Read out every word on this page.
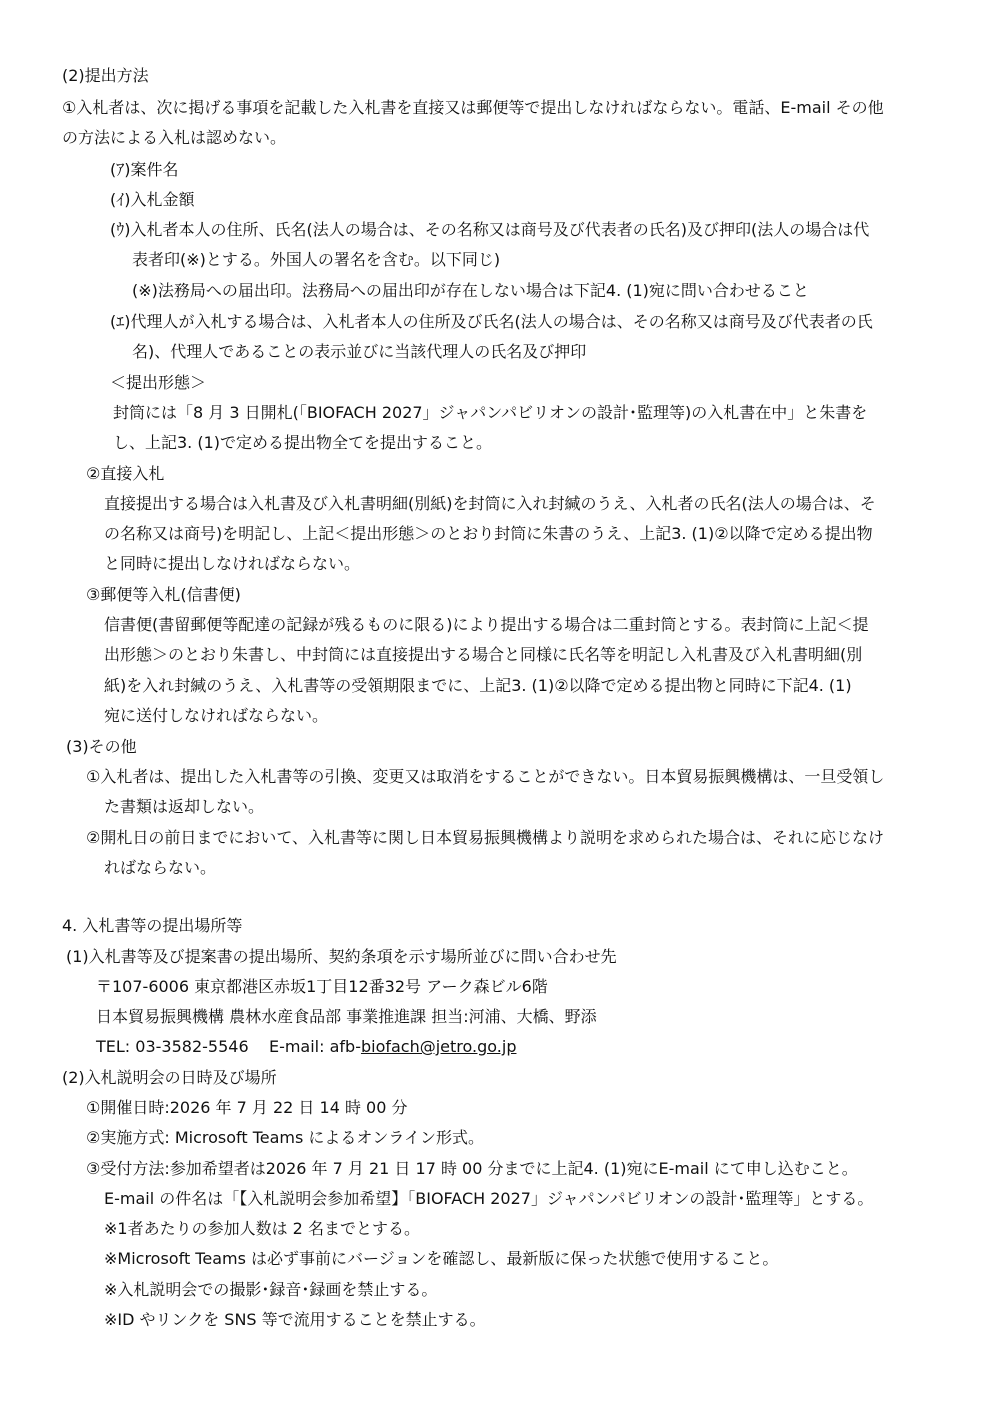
(2)提出方法
①入札者は、次に掲げる事項を記載した入札書を直接又は郵便等で提出しなければならない。電話、E-mail その他
の方法による入札は認めない。
(ｱ)案件名
(ｲ)入札金額
(ｳ)入札者本人の住所、氏名(法人の場合は、その名称又は商号及び代表者の氏名)及び押印(法人の場合は代
表者印(※)とする。外国人の署名を含む。以下同じ)
(※)法務局への届出印。法務局への届出印が存在しない場合は下記4. (1)宛に問い合わせること
(ｴ)代理人が入札する場合は、入札者本人の住所及び氏名(法人の場合は、その名称又は商号及び代表者の氏
名)、代理人であることの表示並びに当該代理人の氏名及び押印
＜提出形態＞
封筒には「8 月 3 日開札(「BIOFACH 2027」ジャパンパビリオンの設計･監理等)の入札書在中」と朱書を
し、上記3. (1)で定める提出物全てを提出すること。
②直接入札
直接提出する場合は入札書及び入札書明細(別紙)を封筒に入れ封緘のうえ、入札者の氏名(法人の場合は、そ
の名称又は商号)を明記し、上記＜提出形態＞のとおり封筒に朱書のうえ、上記3. (1)②以降で定める提出物
と同時に提出しなければならない。
③郵便等入札(信書便)
信書便(書留郵便等配達の記録が残るものに限る)により提出する場合は二重封筒とする。表封筒に上記＜提
出形態＞のとおり朱書し、中封筒には直接提出する場合と同様に氏名等を明記し入札書及び入札書明細(別
紙)を入れ封緘のうえ、入札書等の受領期限までに、上記3. (1)②以降で定める提出物と同時に下記4. (1)
宛に送付しなければならない。
(3)その他
①入札者は、提出した入札書等の引換、変更又は取消をすることができない。日本貿易振興機構は、一旦受領し
た書類は返却しない。
②開札日の前日までにおいて、入札書等に関し日本貿易振興機構より説明を求められた場合は、それに応じなけ
ればならない。
4. 入札書等の提出場所等
(1)入札書等及び提案書の提出場所、契約条項を示す場所並びに問い合わせ先
〒107-6006 東京都港区赤坂1丁目12番32号 アーク森ビル6階
日本貿易振興機構 農林水産食品部 事業推進課 担当:河浦、大橋、野添
TEL: 03-3582-5546    E-mail: afb-biofach@jetro.go.jp
(2)入札説明会の日時及び場所
①開催日時:2026 年 7 月 22 日 14 時 00 分
②実施方式: Microsoft Teams によるオンライン形式。
③受付方法:参加希望者は2026 年 7 月 21 日 17 時 00 分までに上記4. (1)宛にE-mail にて申し込むこと。
E-mail の件名は「【入札説明会参加希望】「BIOFACH 2027」ジャパンパビリオンの設計･監理等」とする。
※1者あたりの参加人数は 2 名までとする。
※Microsoft Teams は必ず事前にバージョンを確認し、最新版に保った状態で使用すること。
※入札説明会での撮影･録音･録画を禁止する。
※ID やリンクを SNS 等で流用することを禁止する。
